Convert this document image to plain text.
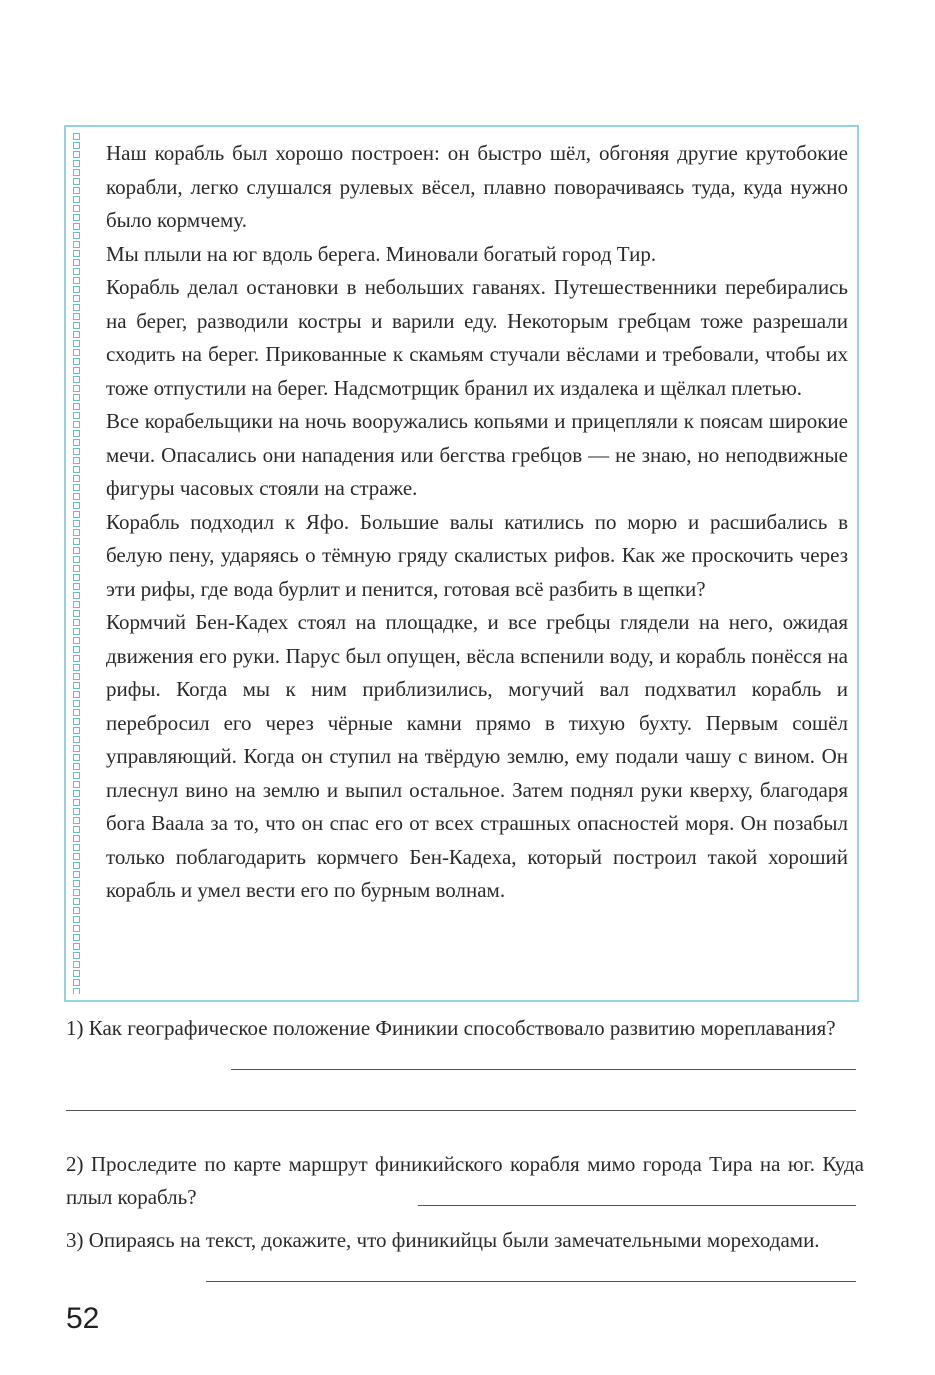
Наш корабль был хорошо построен: он быстро шёл, обгоняя другие крутобокие корабли, легко слушался рулевых вёсел, плавно поворачиваясь туда, куда нужно было кормчему.

Мы плыли на юг вдоль берега. Миновали богатый город Тир.

Корабль делал остановки в небольших гаванях. Путешественники перебирались на берег, разводили костры и варили еду. Некоторым гребцам тоже разрешали сходить на берег. Прикованные к скамьям стучали вёслами и требовали, чтобы их тоже отпустили на берег. Надсмотрщик бранил их издалека и щёлкал плетью.

Все корабельщики на ночь вооружались копьями и прицепляли к поясам широкие мечи. Опасались они нападения или бегства гребцов — не знаю, но неподвижные фигуры часовых стояли на страже.

Корабль подходил к Яфо. Большие валы катились по морю и расшибались в белую пену, ударяясь о тёмную гряду скалистых рифов. Как же проскочить через эти рифы, где вода бурлит и пенится, готовая всё разбить в щепки?

Кормчий Бен-Кадех стоял на площадке, и все гребцы глядели на него, ожидая движения его руки. Парус был опущен, вёсла вспенили воду, и корабль понёсся на рифы. Когда мы к ним приблизились, могучий вал подхватил корабль и перебросил его через чёрные камни прямо в тихую бухту. Первым сошёл управляющий. Когда он ступил на твёрдую землю, ему подали чашу с вином. Он плеснул вино на землю и выпил остальное. Затем поднял руки кверху, благодаря бога Ваала за то, что он спас его от всех страшных опасностей моря. Он позабыл только поблагодарить кормчего Бен-Кадеха, который построил такой хороший корабль и умел вести его по бурным волнам.

1) Как географическое положение Финикии способствовало развитию мореплавания?
2) Проследите по карте маршрут финикийского корабля мимо города Тира на юг. Куда плыл корабль?
3) Опираясь на текст, докажите, что финикийцы были замечательными мореходами.
52
